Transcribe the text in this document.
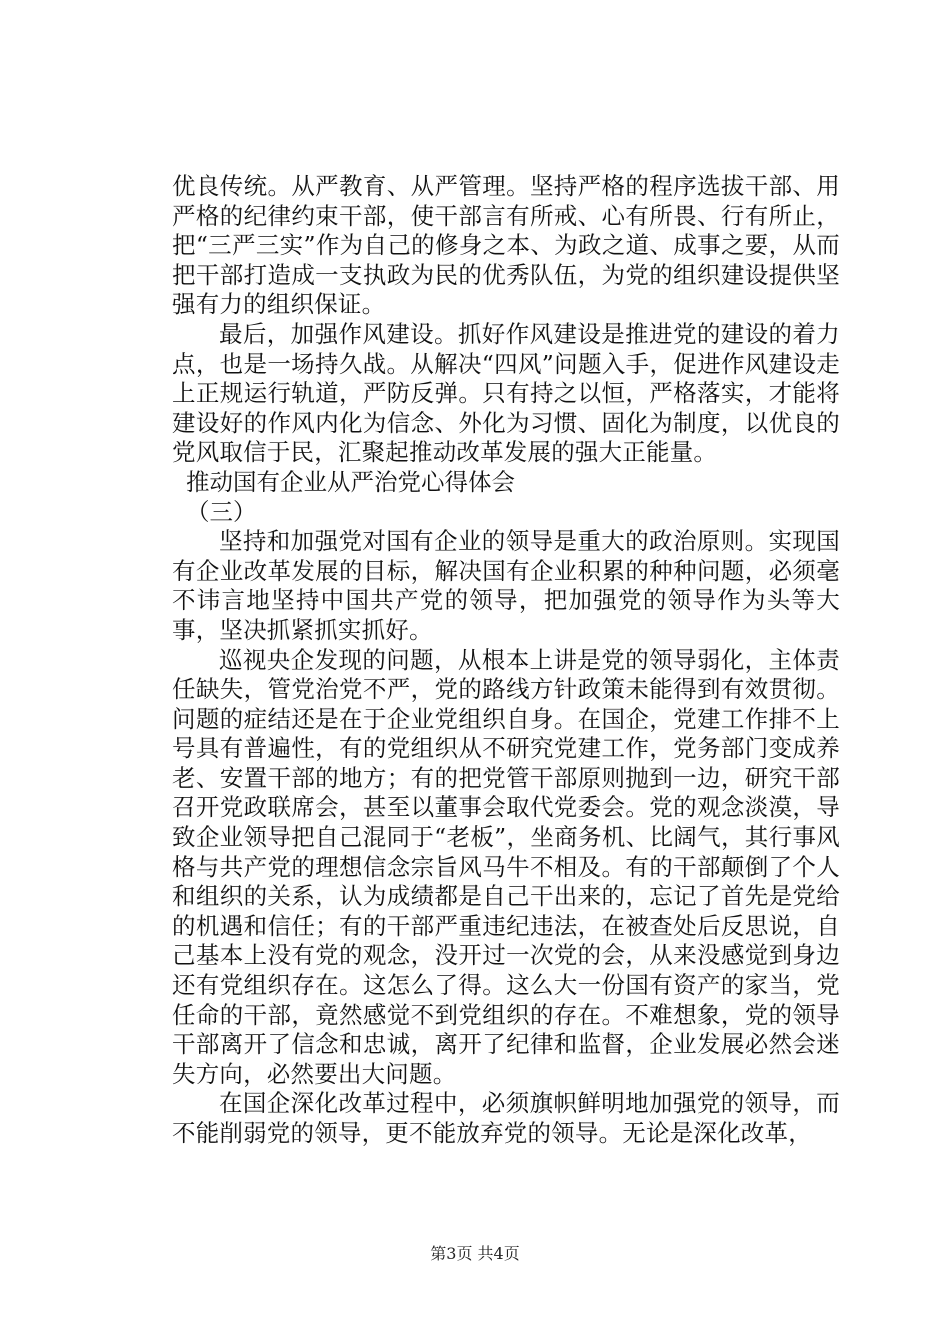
优良传统。从严教育、从严管理。坚持严格的程序选拔干部、用严格的纪律约束干部，使干部言有所戒、心有所畏、行有所止，把“三严三实”作为自己的修身之本、为政之道、成事之要，从而把干部打造成一支执政为民的优秀队伍，为党的组织建设提供坚强有力的组织保证。

最后，加强作风建设。抓好作风建设是推进党的建设的着力点，也是一场持久战。从解决“四风”问题入手，促进作风建设走上正规运行轨道，严防反弹。只有持之以恒，严格落实，才能将建设好的作风内化为信念、外化为习惯、固化为制度，以优良的党风取信于民，汇聚起推动改革发展的强大正能量。

推动国有企业从严治党心得体会

（三）

坚持和加强党对国有企业的领导是重大的政治原则。实现国有企业改革发展的目标，解决国有企业积累的种种问题，必须毫不讳言地坚持中国共产党的领导，把加强党的领导作为头等大事，坚决抓紧抓实抓好。

巡视央企发现的问题，从根本上讲是党的领导弱化，主体责任缺失，管党治党不严，党的路线方针政策未能得到有效贯彻。问题的症结还是在于企业党组织自身。在国企，党建工作排不上号具有普遍性，有的党组织从不研究党建工作，党务部门变成养老、安置干部的地方；有的把党管干部原则抛到一边，研究干部召开党政联席会，甚至以董事会取代党委会。党的观念淡漠，导致企业领导把自己混同于“老板”，坐商务机、比阔气，其行事风格与共产党的理想信念宗旨风马牛不相及。有的干部颠倒了个人和组织的关系，认为成绩都是自己干出来的，忘记了首先是党给的机遇和信任；有的干部严重违纪违法，在被查处后反思说，自己基本上没有党的观念，没开过一次党的会，从来没感觉到身边还有党组织存在。这怎么了得。这么大一份国有资产的家当，党任命的干部，竟然感觉不到党组织的存在。不难想象，党的领导干部离开了信念和忠诚，离开了纪律和监督，企业发展必然会迷失方向，必然要出大问题。

在国企深化改革过程中，必须旗帜鲜明地加强党的领导，而不能削弱党的领导，更不能放弃党的领导。无论是深化改革，

第3页 共4页
